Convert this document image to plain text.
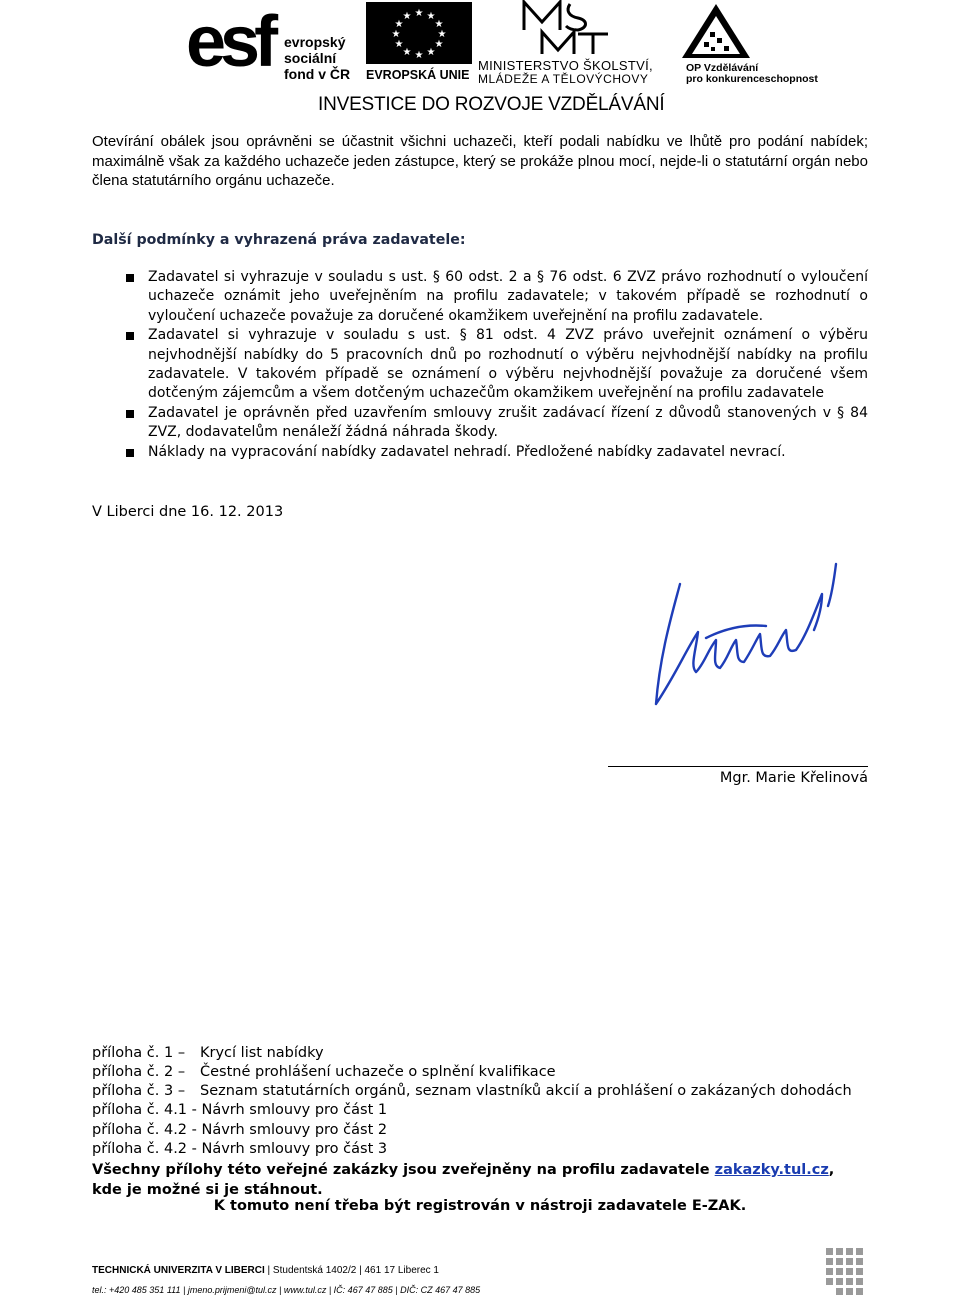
esf evropský
sociální
fond v ČR
★ ★
★
★
★
★
★
★
★
★
★
★
EVROPSKÁ UNIE
MINISTERSTVO ŠKOLSTVÍ,
MLÁDEŽE A TĚLOVÝCHOVY
OP Vzdělávání
pro konkurenceschopnost
INVESTICE DO ROZVOJE VZDĚLÁVÁNÍ
Otevírání obálek jsou oprávněni se účastnit všichni uchazeči, kteří podali nabídku ve lhůtě pro podání nabídek; maximálně však za každého uchazeče jeden zástupce, který se prokáže plnou mocí, nejde-li o statutární orgán nebo člena statutárního orgánu uchazeče.
Další podmínky a vyhrazená práva zadavatele:
Zadavatel si vyhrazuje v souladu s ust. § 60 odst. 2 a § 76 odst. 6 ZVZ právo rozhodnutí o vyloučení uchazeče oznámit jeho uveřejněním na profilu zadavatele; v takovém případě se rozhodnutí o vyloučení uchazeče považuje za doručené okamžikem uveřejnění na profilu zadavatele.
Zadavatel si vyhrazuje v souladu s ust. § 81 odst. 4 ZVZ právo uveřejnit oznámení o výběru nejvhodnější nabídky do 5 pracovních dnů po rozhodnutí o výběru nejvhodnější nabídky na profilu zadavatele. V takovém případě se oznámení o výběru nejvhodnější považuje za doručené všem dotčeným zájemcům a všem dotčeným uchazečům okamžikem uveřejnění na profilu zadavatele
Zadavatel je oprávněn před uzavřením smlouvy zrušit zadávací řízení z důvodů stanovených v § 84 ZVZ, dodavatelům nenáleží žádná náhrada škody.
Náklady na vypracování nabídky zadavatel nehradí. Předložené nabídky zadavatel nevrací.
V Liberci dne 16. 12. 2013
Mgr. Marie Křelinová
příloha č. 1 – Krycí list nabídky
příloha č. 2 – Čestné prohlášení uchazeče o splnění kvalifikace
příloha č. 3 – Seznam statutárních orgánů, seznam vlastníků akcií a prohlášení o zakázaných dohodách
příloha č. 4.1 - Návrh smlouvy pro část 1
příloha č. 4.2 - Návrh smlouvy pro část 2
příloha č. 4.2 - Návrh smlouvy pro část 3
Všechny přílohy této veřejné zakázky jsou zveřejněny na profilu zadavatele zakazky.tul.cz, kde je možné si je stáhnout.
K tomuto není třeba být registrován v nástroji zadavatele E-ZAK.
TECHNICKÁ UNIVERZITA V LIBERCI | Studentská 1402/2 | 461 17 Liberec 1
tel.: +420 485 351 111 | jmeno.prijmeni@tul.cz | www.tul.cz | IČ: 467 47 885 | DIČ: CZ 467 47 885
